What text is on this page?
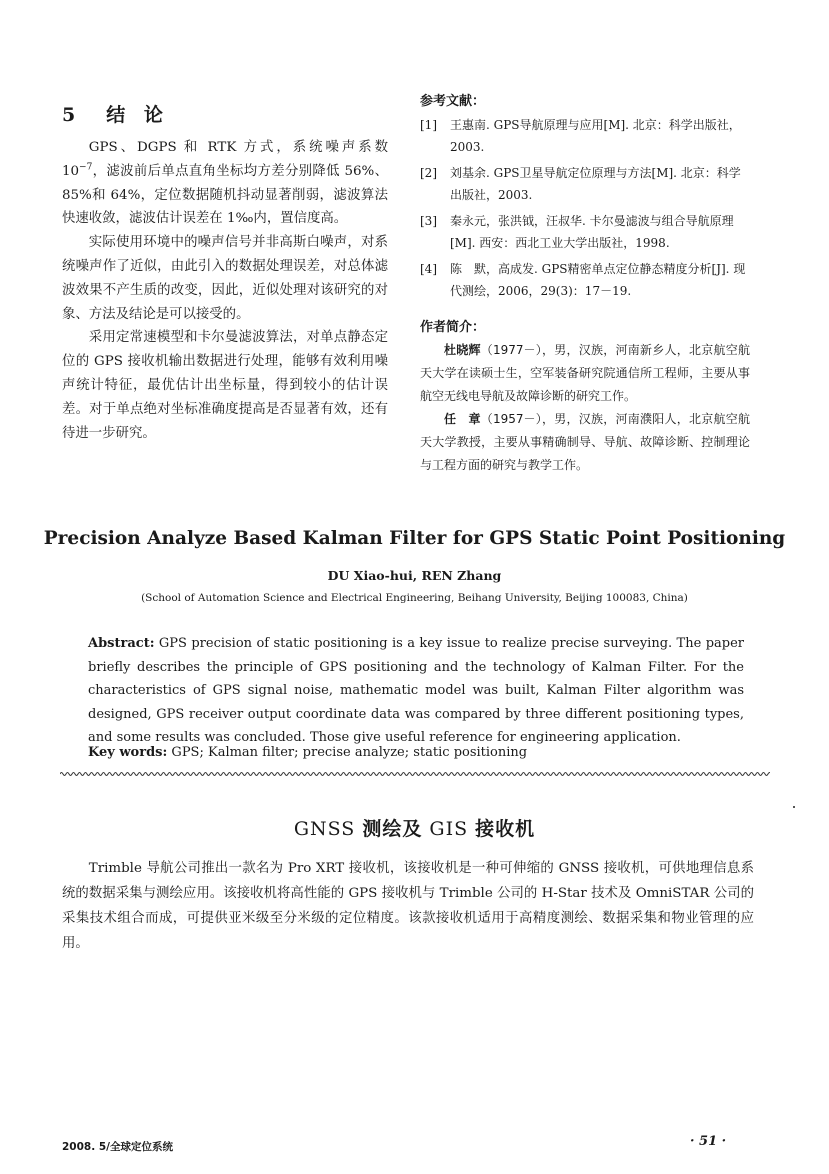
5　结 论

GPS、DGPS 和 RTK 方式，系统噪声系数 $10^{-7}$，滤波前后单点直角坐标均方差分别降低 56%、85%和 64%，定位数据随机抖动显著削弱，滤波算法快速收敛，滤波估计误差在 1‰内，置信度高。

实际使用环境中的噪声信号并非高斯白噪声，对系统噪声作了近似，由此引入的数据处理误差，对总体滤波效果不产生质的改变，因此，近似处理对该研究的对象、方法及结论是可以接受的。

采用定常速模型和卡尔曼滤波算法，对单点静态定位的 GPS 接收机输出数据进行处理，能够有效利用噪声统计特征，最优估计出坐标量，得到较小的估计误差。对于单点绝对坐标准确度提高是否显著有效，还有待进一步研究。

参考文献：
[1]	王惠南. GPS导航原理与应用[M]. 北京：科学出版社，2003.
[2]	刘基余. GPS卫星导航定位原理与方法[M]. 北京：科学出版社，2003.
[3]	秦永元，张洪钺，汪叔华. 卡尔曼滤波与组合导航原理[M]. 西安：西北工业大学出版社，1998.
[4]	陈　默，高成发. GPS精密单点定位静态精度分析[J]. 现代测绘，2006，29(3)：17－19.
作者简介：

杜晓辉（1977－），男，汉族，河南新乡人，北京航空航天大学在读硕士生，空军装备研究院通信所工程师，主要从事航空无线电导航及故障诊断的研究工作。

任　章（1957－），男，汉族，河南濮阳人，北京航空航天大学教授，主要从事精确制导、导航、故障诊断、控制理论与工程方面的研究与教学工作。

Precision Analyze Based Kalman Filter for GPS Static Point Positioning
DU Xiao-hui, REN Zhang
(School of Automation Science and Electrical Engineering, Beihang University, Beijing 100083, China)
Abstract: GPS precision of static positioning is a key issue to realize precise surveying. The paper briefly describes the principle of GPS positioning and the technology of Kalman Filter. For the characteristics of GPS signal noise, mathematic model was built, Kalman Filter algorithm was designed, GPS receiver output coordinate data was compared by three different positioning types, and some results was concluded. Those give useful reference for engineering application.
Key words: GPS; Kalman filter; precise analyze; static positioning
GNSS 测绘及 GIS 接收机

Trimble 导航公司推出一款名为 Pro XRT 接收机，该接收机是一种可伸缩的 GNSS 接收机，可供地理信息系统的数据采集与测绘应用。该接收机将高性能的 GPS 接收机与 Trimble 公司的 H-Star 技术及 OmniSTAR 公司的采集技术组合而成，可提供亚米级至分米级的定位精度。该款接收机适用于高精度测绘、数据采集和物业管理的应用。

2008. 5/全球定位系统	· 51 ·
